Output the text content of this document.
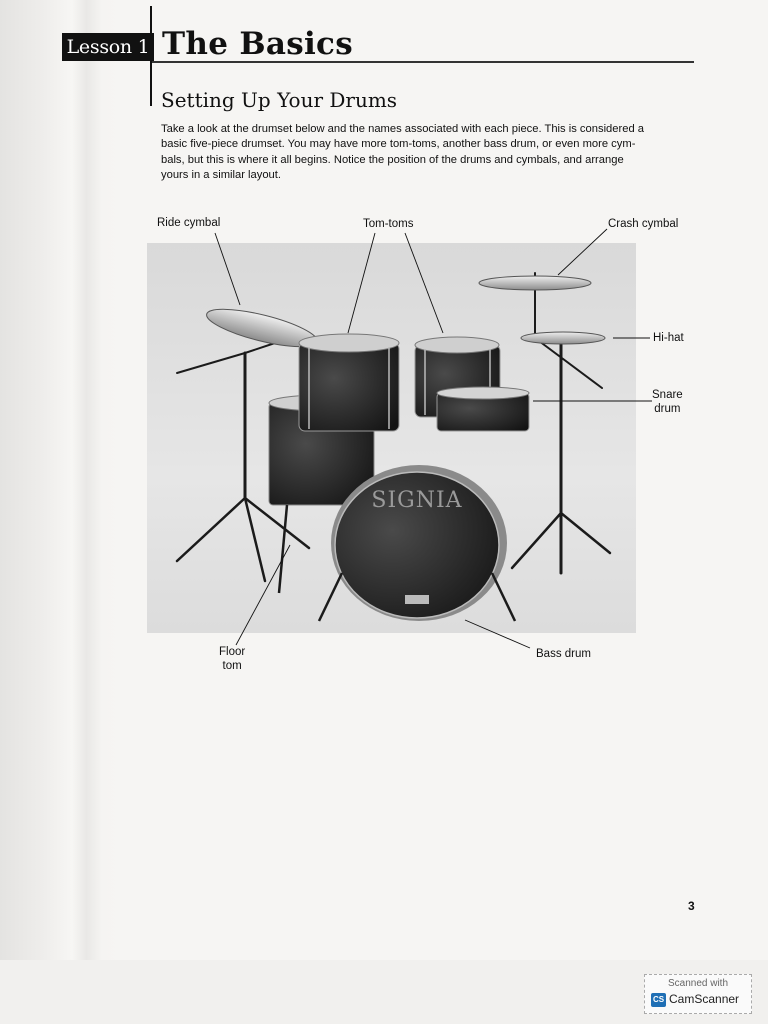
Lesson 1 The Basics
Setting Up Your Drums
Take a look at the drumset below and the names associated with each piece. This is considered a
basic five-piece drumset. You may have more tom-toms, another bass drum, or even more cym-
bals, but this is where it all begins. Notice the position of the drums and cymbals, and arrange
yours in a similar layout.
SIGNIA
Ride cymbal	Tom-toms	Crash cymbal
Hi-hat
Snare
drum
Floor
tom
Bass drum
3
Scanned with
CS CamScanner
